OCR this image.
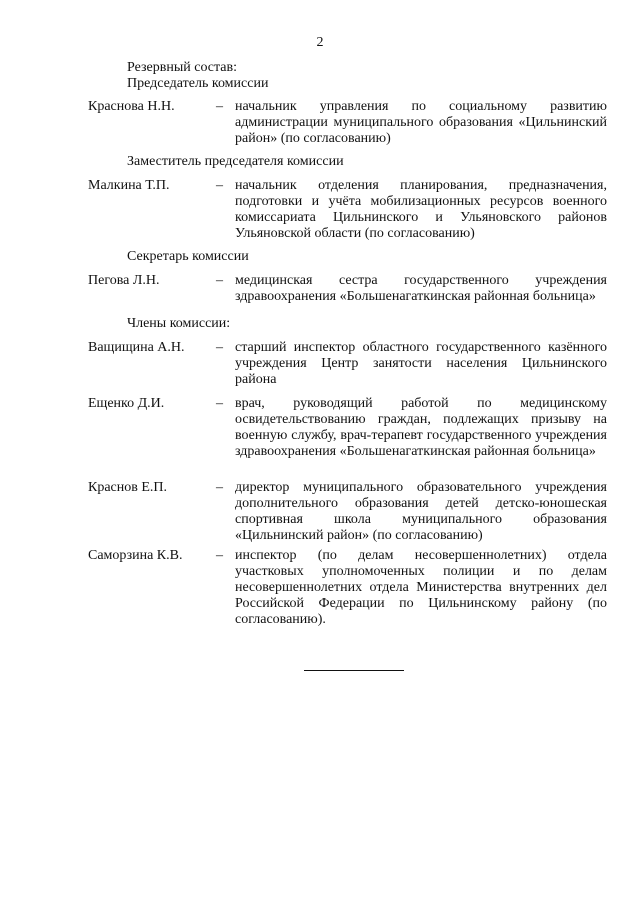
2
Резервный состав:
Председатель комиссии
Краснова Н.Н.	– начальник управления по социальному развитию администрации муниципального образования «Цильнинский район» (по согласованию)
Заместитель председателя комиссии
Малкина Т.П.	– начальник отделения планирования, предназначения, подготовки и учёта мобилизационных ресурсов военного комиссариата Цильнинского и Ульяновского районов Ульяновской области (по согласованию)
Секретарь комиссии
Пегова Л.Н.	– медицинская сестра государственного учреждения здравоохранения «Большенагаткинская районная больница»
Члены комиссии:
Ващищина А.Н. – старший инспектор областного государственного казённого учреждения Центр занятости населения Цильнинского района
Ещенко Д.И.	– врач, руководящий работой по медицинскому освидетельствованию граждан, подлежащих призыву на военную службу, врач-терапевт государственного учреждения здравоохранения «Большенагаткинская районная больница»
Краснов Е.П.	– директор муниципального образовательного учреждения дополнительного образования детей детско-юношеская спортивная школа муниципального образования «Цильнинский район» (по согласованию)
Саморзина К.В. – инспектор (по делам несовершеннолетних) отдела участковых уполномоченных полиции и по делам несовершеннолетних отдела Министерства внутренних дел Российской Федерации по Цильнинскому району (по согласованию).
